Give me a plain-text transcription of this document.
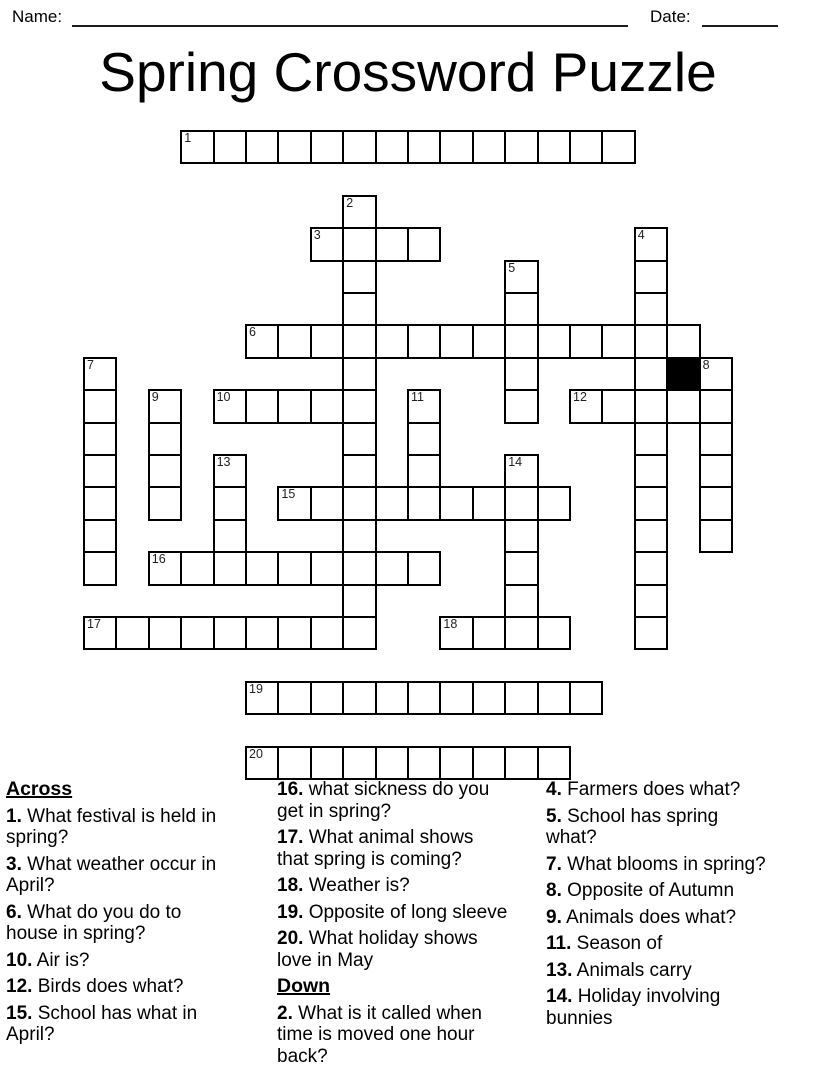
Name:	Date:
Spring Crossword Puzzle
1
2
3	4
5
6
7	8
9	10	11	12
13	14
15
16
17	18
19
20
Across
1. What festival is held in spring?
3. What weather occur in April?
6. What do you do to house in spring?
10. Air is?
12. Birds does what?
15. School has what in April?
16. what sickness do you get in spring?
17. What animal shows that spring is coming?
18. Weather is?
19. Opposite of long sleeve
20. What holiday shows love in May
Down
2. What is it called when time is moved one hour back?
4. Farmers does what?
5. School has spring what?
7. What blooms in spring?
8. Opposite of Autumn
9. Animals does what?
11. Season of
13. Animals carry
14. Holiday involving bunnies
